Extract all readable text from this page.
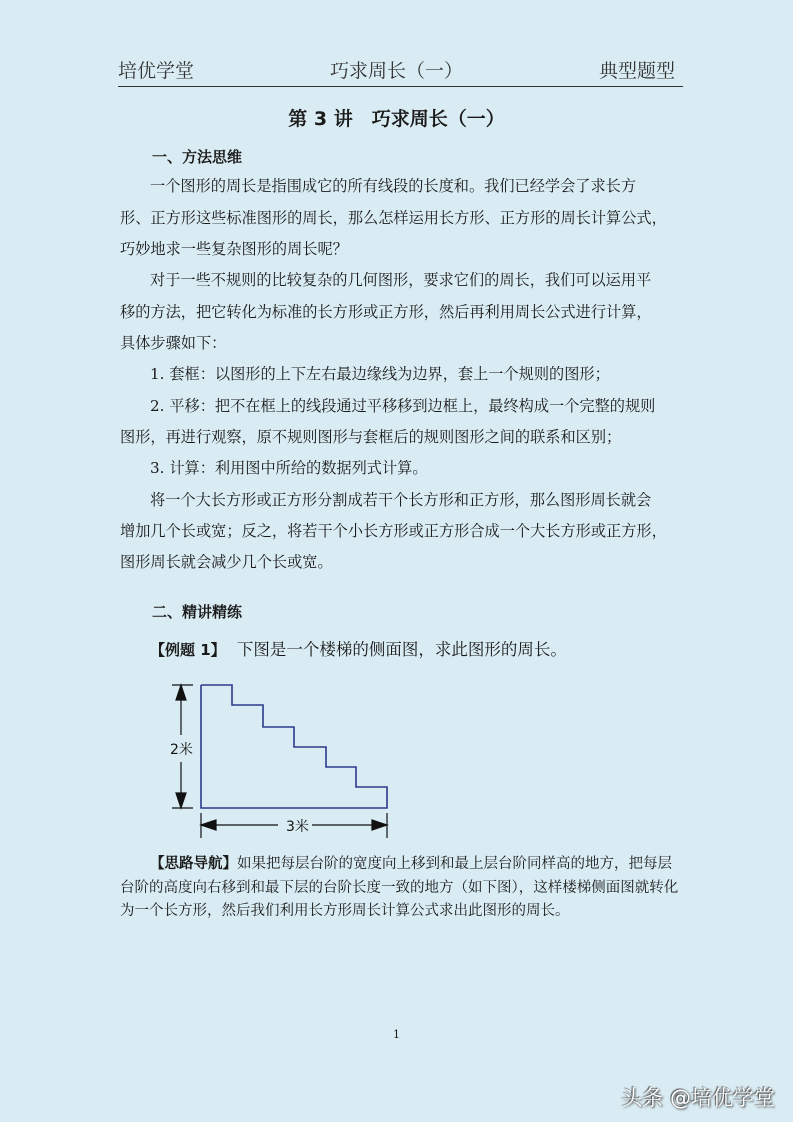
培优学堂	巧求周长（一）	典型题型
第 3 讲　巧求周长（一）
一、方法思维
一个图形的周长是指围成它的所有线段的长度和。我们已经学会了求长方
形、正方形这些标准图形的周长，那么怎样运用长方形、正方形的周长计算公式，
巧妙地求一些复杂图形的周长呢？
对于一些不规则的比较复杂的几何图形，要求它们的周长，我们可以运用平
移的方法，把它转化为标准的长方形或正方形，然后再利用周长公式进行计算，
具体步骤如下：
1. 套框：以图形的上下左右最边缘线为边界，套上一个规则的图形；
2. 平移：把不在框上的线段通过平移移到边框上，最终构成一个完整的规则
图形，再进行观察，原不规则图形与套框后的规则图形之间的联系和区别；
3. 计算：利用图中所给的数据列式计算。
将一个大长方形或正方形分割成若干个长方形和正方形，那么图形周长就会
增加几个长或宽；反之，将若干个小长方形或正方形合成一个大长方形或正方形，
图形周长就会减少几个长或宽。
二、精讲精练
【例题 1】 下图是一个楼梯的侧面图，求此图形的周长。
2米
3米
【思路导航】如果把每层台阶的宽度向上移到和最上层台阶同样高的地方，把每层台阶的高度向右移到和最下层的台阶长度一致的地方（如下图），这样楼梯侧面图就转化为一个长方形，然后我们利用长方形周长计算公式求出此图形的周长。
1
头条 @培优学堂
